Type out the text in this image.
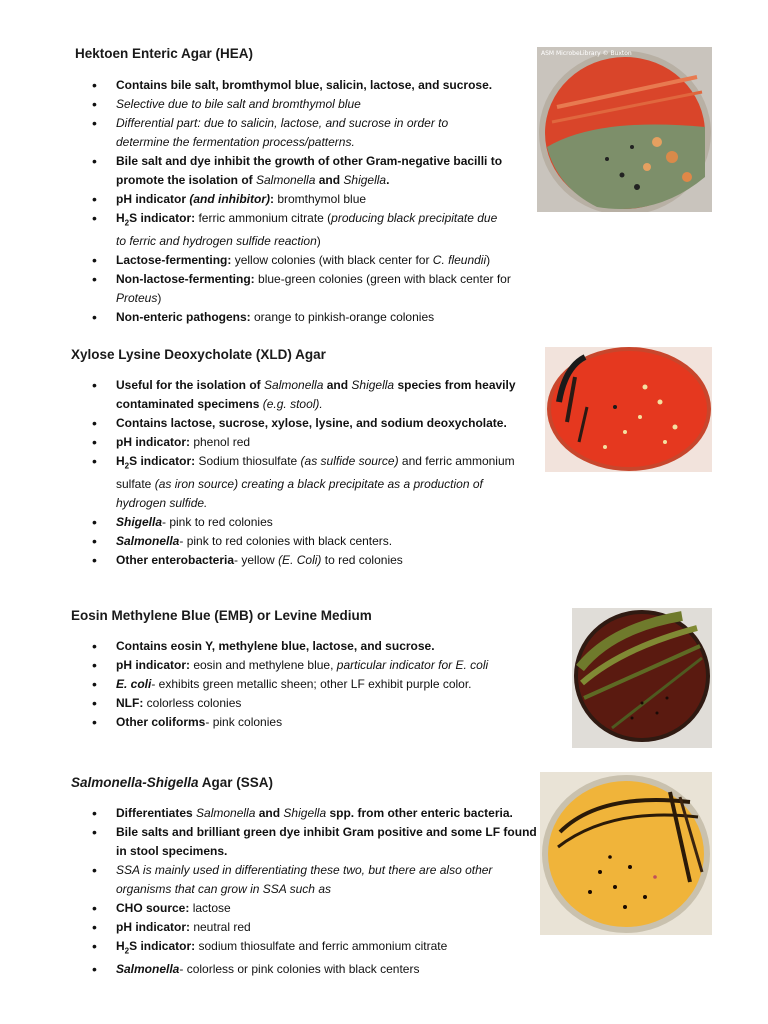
Hektoen Enteric Agar (HEA)
• Contains bile salt, bromthymol blue, salicin, lactose, and sucrose.
• Selective due to bile salt and bromthymol blue
• Differential part: due to salicin, lactose, and sucrose in order to
determine the fermentation process/patterns.
• Bile salt and dye inhibit the growth of other Gram-negative bacilli to
promote the isolation of Salmonella and Shigella.
• pH indicator (and inhibitor): bromthymol blue
• $H_2S$ indicator: ferric ammonium citrate (producing black precipitate due
to ferric and hydrogen sulfide reaction)
• Lactose-fermenting: yellow colonies (with black center for C. fleundii)
• Non-lactose-fermenting: blue-green colonies (green with black center for Proteus)
• Non-enteric pathogens: orange to pinkish-orange colonies
ASM MicrobeLibrary © Buxton
Xylose Lysine Deoxycholate (XLD) Agar
• Useful for the isolation of Salmonella and Shigella species from heavily
contaminated specimens (e.g. stool).
• Contains lactose, sucrose, xylose, lysine, and sodium deoxycholate.
• pH indicator: phenol red
• $H_2S$ indicator: Sodium thiosulfate (as sulfide source) and ferric ammonium
sulfate (as iron source) creating a black precipitate as a production of
hydrogen sulfide.
• Shigella- pink to red colonies
• Salmonella- pink to red colonies with black centers.
• Other enterobacteria- yellow (E. Coli) to red colonies
Eosin Methylene Blue (EMB) or Levine Medium
• Contains eosin Y, methylene blue, lactose, and sucrose.
• pH indicator: eosin and methylene blue, particular indicator for E. coli
• E. coli- exhibits green metallic sheen; other LF exhibit purple color.
• NLF: colorless colonies
• Other coliforms- pink colonies
Salmonella-Shigella Agar (SSA)
• Differentiates Salmonella and Shigella spp. from other enteric bacteria.
• Bile salts and brilliant green dye inhibit Gram positive and some LF found
in stool specimens.
• SSA is mainly used in differentiating these two, but there are also other
organisms that can grow in SSA such as
• CHO source: lactose
• pH indicator: neutral red
• $H_2S$ indicator: sodium thiosulfate and ferric ammonium citrate
• Salmonella- colorless or pink colonies with black centers
